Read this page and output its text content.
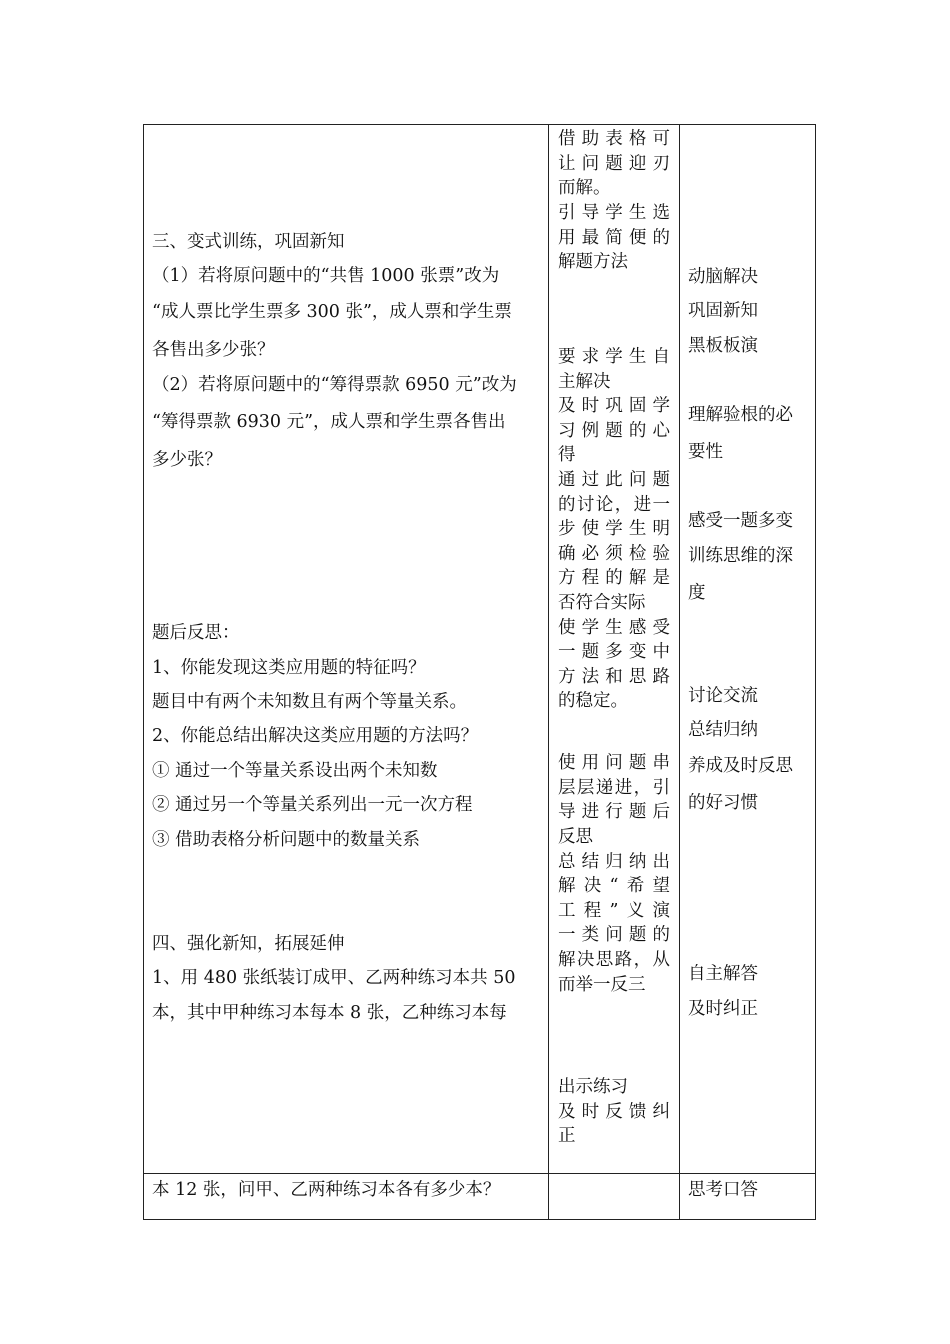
三、变式训练，巩固新知
（1）若将原问题中的“共售 1000 张票”改为
“成人票比学生票多 300 张”，成人票和学生票
各售出多少张？
（2）若将原问题中的“筹得票款 6950 元”改为
“筹得票款 6930 元”，成人票和学生票各售出
多少张？
题后反思：
1、你能发现这类应用题的特征吗？
题目中有两个未知数且有两个等量关系。
2、你能总结出解决这类应用题的方法吗？
① 通过一个等量关系设出两个未知数
② 通过另一个等量关系列出一元一次方程
③ 借助表格分析问题中的数量关系
四、强化新知，拓展延伸
1、用 480 张纸装订成甲、乙两种练习本共 50
本，其中甲种练习本每本 8 张，乙种练习本每
本 12 张，问甲、乙两种练习本各有多少本？
借助表格可
让问题迎刃
而解。
引导学生选
用最简便的
解题方法
要求学生自
主解决
及时巩固学
习例题的心
得
通过此问题
的讨论，进一
步使学生明
确必须检验
方程的解是
否符合实际
使学生感受
一题多变中
方法和思路
的稳定。
使用问题串
层层递进，引
导进行题后
反思
总结归纳出
解决“希望
工程”义演
一类问题的
解决思路，从
而举一反三
出示练习
及时反馈纠
正
动脑解决
巩固新知
黑板板演
理解验根的必
要性
感受一题多变
训练思维的深
度
讨论交流
总结归纳
养成及时反思
的好习惯
自主解答
及时纠正
思考口答
